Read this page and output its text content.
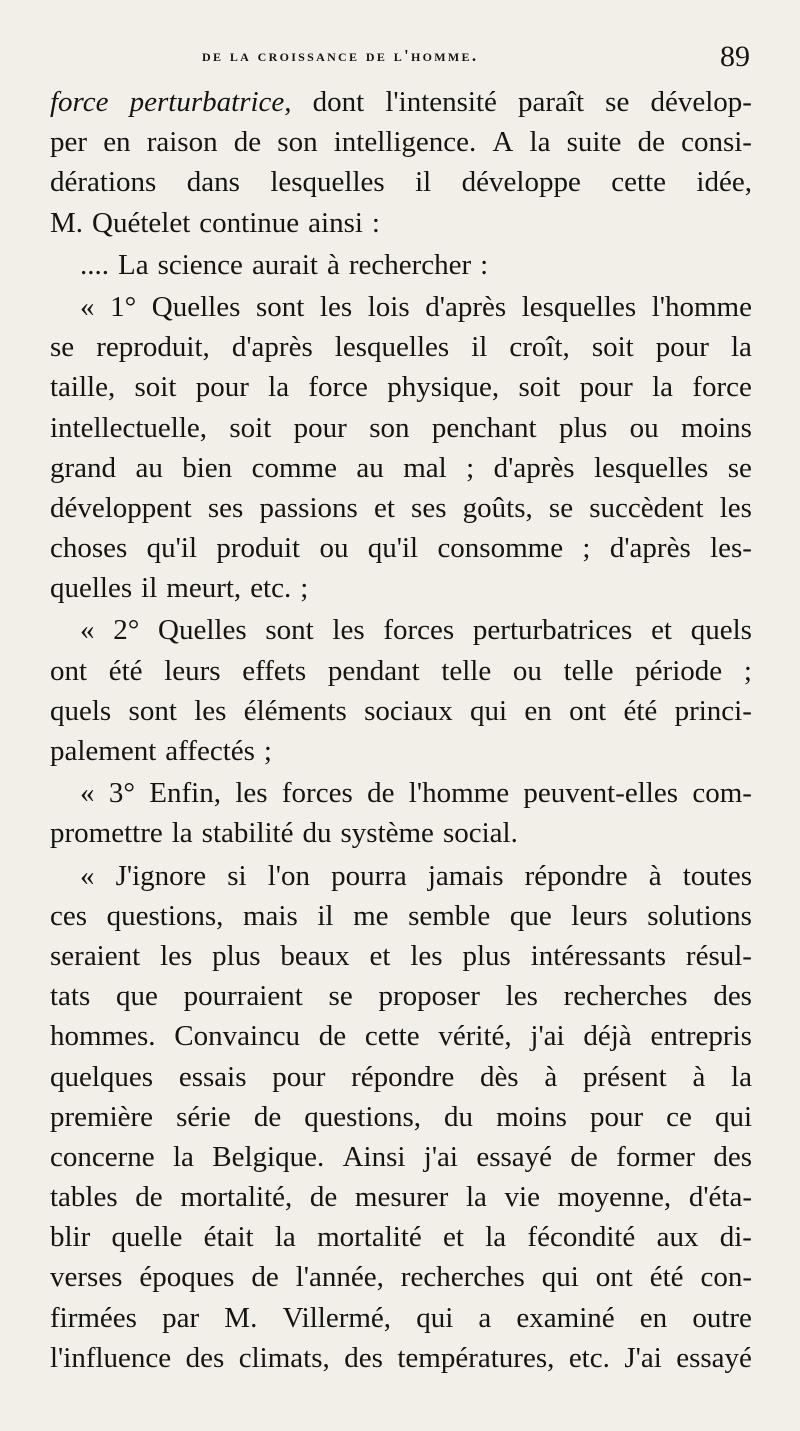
de la croissance de l'homme.	89
force perturbatrice, dont l'intensité paraît se dévelop-
per en raison de son intelligence. A la suite de consi-
dérations dans lesquelles il développe cette idée,
M. Quételet continue ainsi :
.... La science aurait à rechercher :
« 1° Quelles sont les lois d'après lesquelles l'homme
se reproduit, d'après lesquelles il croît, soit pour la
taille, soit pour la force physique, soit pour la force
intellectuelle, soit pour son penchant plus ou moins
grand au bien comme au mal ; d'après lesquelles se
développent ses passions et ses goûts, se succèdent les
choses qu'il produit ou qu'il consomme ; d'après les-
quelles il meurt, etc. ;
« 2° Quelles sont les forces perturbatrices et quels
ont été leurs effets pendant telle ou telle période ;
quels sont les éléments sociaux qui en ont été princi-
palement affectés ;
« 3° Enfin, les forces de l'homme peuvent-elles com-
promettre la stabilité du système social.
« J'ignore si l'on pourra jamais répondre à toutes
ces questions, mais il me semble que leurs solutions
seraient les plus beaux et les plus intéressants résul-
tats que pourraient se proposer les recherches des
hommes. Convaincu de cette vérité, j'ai déjà entrepris
quelques essais pour répondre dès à présent à la
première série de questions, du moins pour ce qui
concerne la Belgique. Ainsi j'ai essayé de former des
tables de mortalité, de mesurer la vie moyenne, d'éta-
blir quelle était la mortalité et la fécondité aux di-
verses époques de l'année, recherches qui ont été con-
firmées par M. Villermé, qui a examiné en outre
l'influence des climats, des températures, etc. J'ai essayé
